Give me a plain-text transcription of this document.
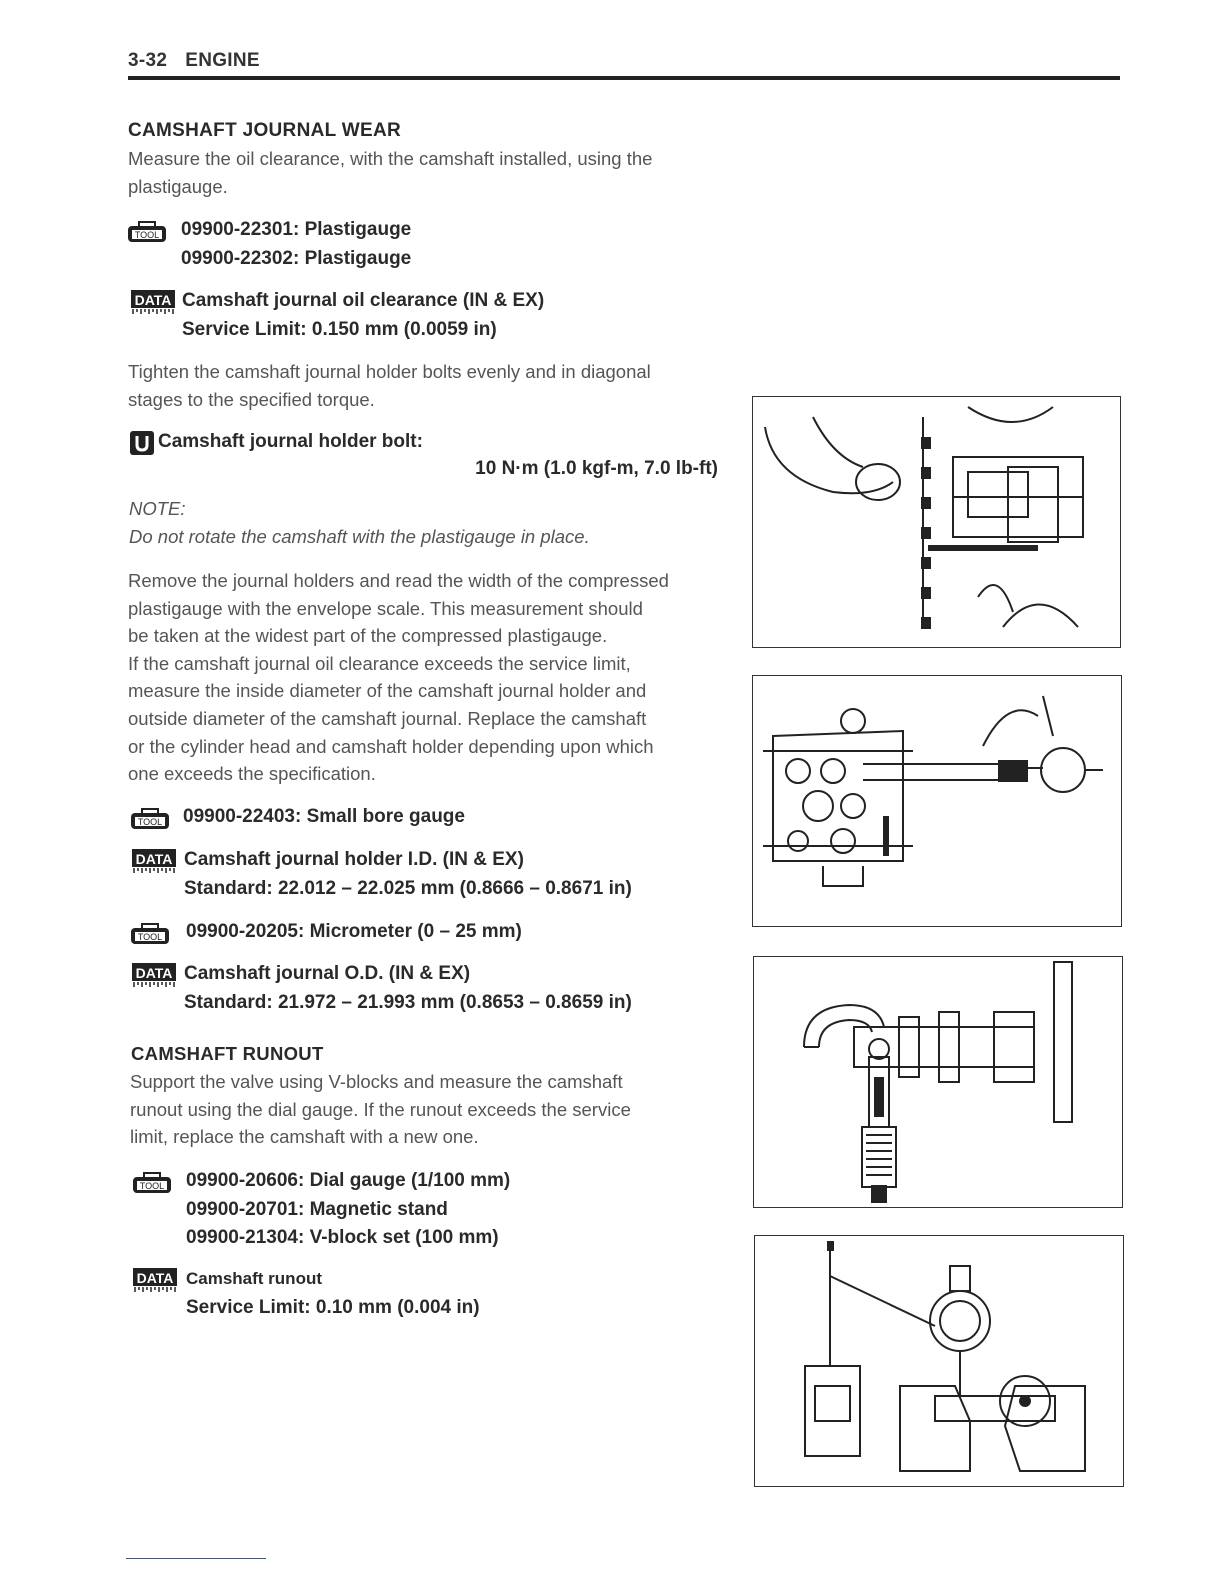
3-32 ENGINE
CAMSHAFT JOURNAL WEAR
Measure the oil clearance, with the camshaft installed, using the
plastigauge.
TOOL 09900-22301: Plastigauge
09900-22302: Plastigauge
DATA Camshaft journal oil clearance (IN & EX)
Service Limit: 0.150 mm (0.0059 in)
Tighten the camshaft journal holder bolts evenly and in diagonal
stages to the specified torque.
Camshaft journal holder bolt:
10 N·m (1.0 kgf-m, 7.0 lb-ft)
NOTE:
Do not rotate the camshaft with the plastigauge in place.
Remove the journal holders and read the width of the compressed
plastigauge with the envelope scale. This measurement should
be taken at the widest part of the compressed plastigauge.
If the camshaft journal oil clearance exceeds the service limit,
measure the inside diameter of the camshaft journal holder and
outside diameter of the camshaft journal. Replace the camshaft
or the cylinder head and camshaft holder depending upon which
one exceeds the specification.
TOOL 09900-22403: Small bore gauge
DATA Camshaft journal holder I.D. (IN & EX)
Standard: 22.012 – 22.025 mm (0.8666 – 0.8671 in)
TOOL 09900-20205: Micrometer (0 – 25 mm)
DATA Camshaft journal O.D. (IN & EX)
Standard: 21.972 – 21.993 mm (0.8653 – 0.8659 in)
CAMSHAFT RUNOUT
Support the valve using V-blocks and measure the camshaft
runout using the dial gauge. If the runout exceeds the service
limit, replace the camshaft with a new one.
TOOL 09900-20606: Dial gauge (1/100 mm)
09900-20701: Magnetic stand
09900-21304: V-block set (100 mm)
DATA Camshaft runout
Service Limit: 0.10 mm (0.004 in)
